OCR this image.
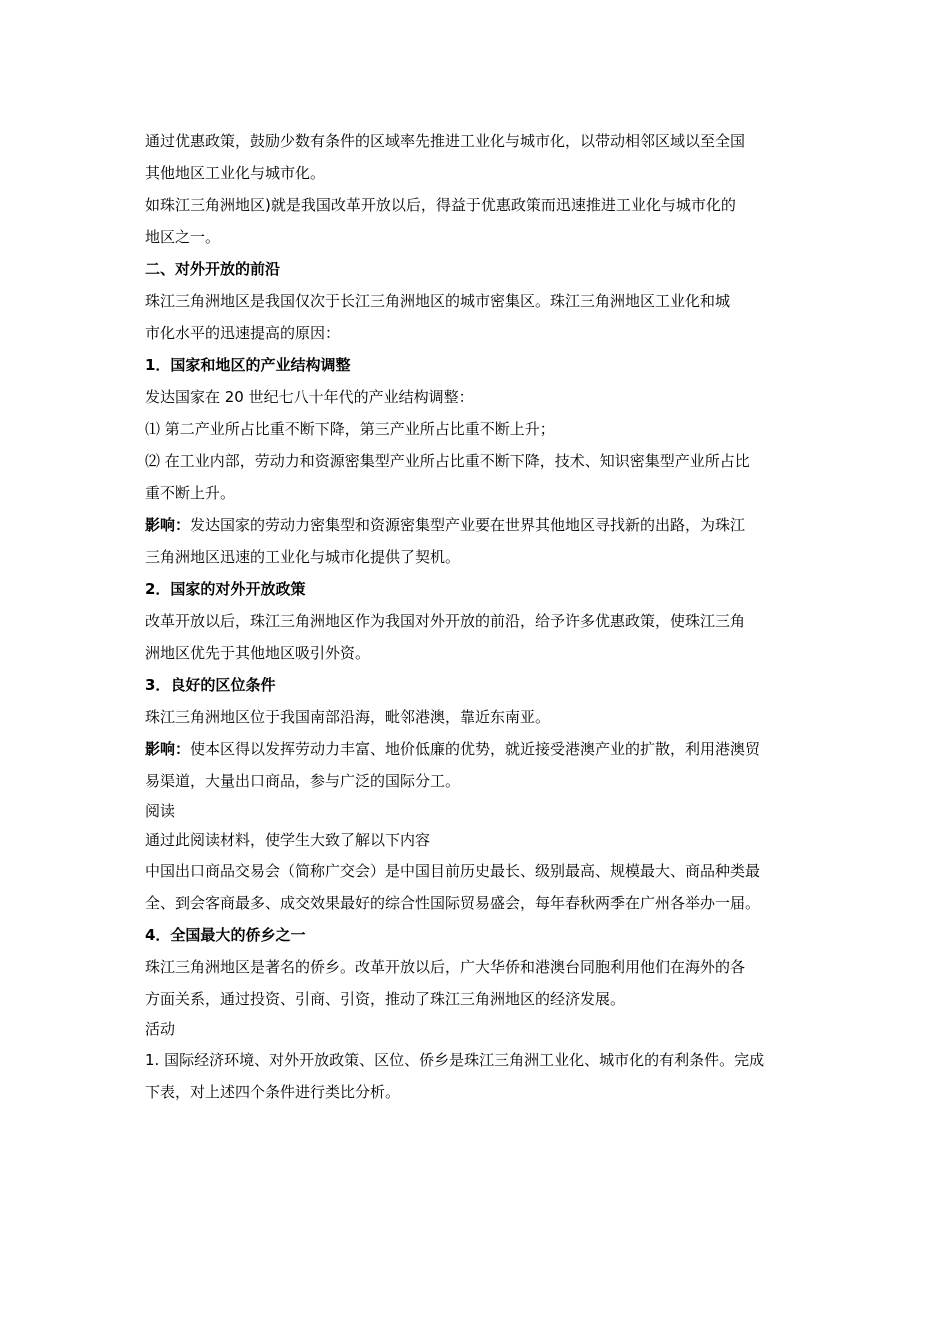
通过优惠政策，鼓励少数有条件的区域率先推进工业化与城市化，以带动相邻区域以至全国

其他地区工业化与城市化。

如珠江三角洲地区)就是我国改革开放以后，得益于优惠政策而迅速推进工业化与城市化的

地区之一。

二、对外开放的前沿

珠江三角洲地区是我国仅次于长江三角洲地区的城市密集区。珠江三角洲地区工业化和城

市化水平的迅速提高的原因：

1．国家和地区的产业结构调整

发达国家在 20 世纪七八十年代的产业结构调整：

⑴ 第二产业所占比重不断下降，第三产业所占比重不断上升；

⑵ 在工业内部，劳动力和资源密集型产业所占比重不断下降，技术、知识密集型产业所占比

重不断上升。

影响：发达国家的劳动力密集型和资源密集型产业要在世界其他地区寻找新的出路，为珠江

三角洲地区迅速的工业化与城市化提供了契机。

2．国家的对外开放政策

改革开放以后，珠江三角洲地区作为我国对外开放的前沿，给予许多优惠政策，使珠江三角

洲地区优先于其他地区吸引外资。

3．良好的区位条件

珠江三角洲地区位于我国南部沿海，毗邻港澳，靠近东南亚。

影响：使本区得以发挥劳动力丰富、地价低廉的优势，就近接受港澳产业的扩散，利用港澳贸

易渠道，大量出口商品，参与广泛的国际分工。

阅读

通过此阅读材料，使学生大致了解以下内容

中国出口商品交易会（简称广交会）是中国目前历史最长、级别最高、规模最大、商品种类最

全、到会客商最多、成交效果最好的综合性国际贸易盛会，每年春秋两季在广州各举办一届。

4．全国最大的侨乡之一

珠江三角洲地区是著名的侨乡。改革开放以后，广大华侨和港澳台同胞利用他们在海外的各

方面关系，通过投资、引商、引资，推动了珠江三角洲地区的经济发展。

活动

1. 国际经济环境、对外开放政策、区位、侨乡是珠江三角洲工业化、城市化的有利条件。完成

下表，对上述四个条件进行类比分析。
